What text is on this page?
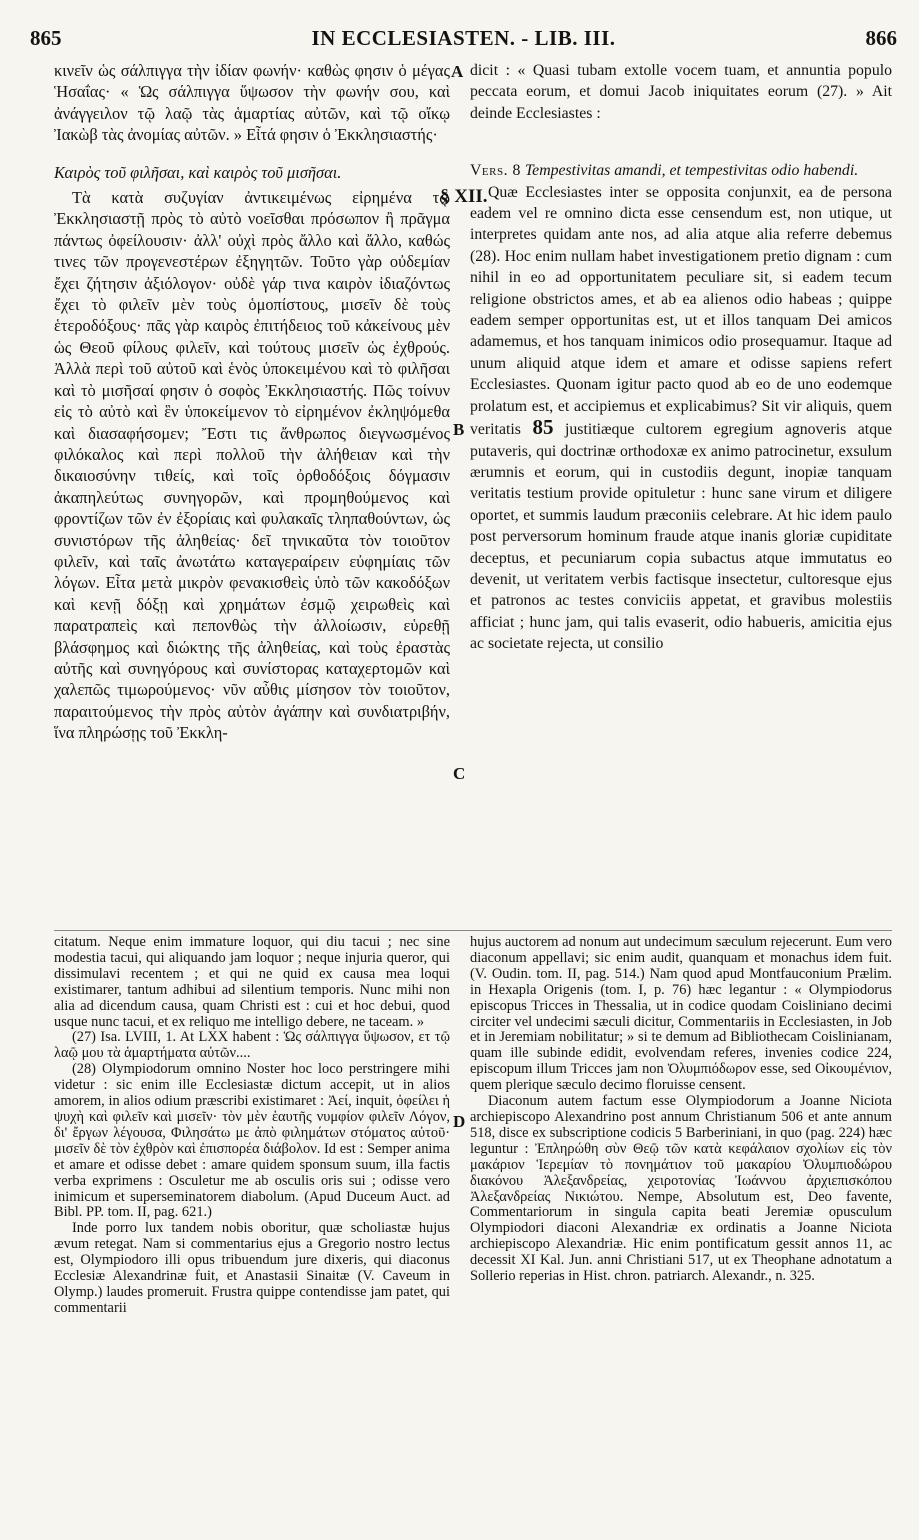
865	IN ECCLESIASTEN. - LIB. III.	866
A
B
C
D
§ XII.

κινεῖν ὡς σάλπιγγα τὴν ἰδίαν φωνήν· καθὼς φησιν ὁ μέγας Ἡσαΐας· « Ὡς σάλπιγγα ὕψωσον τὴν φωνήν σου, καὶ ἀνάγγειλον τῷ λαῷ τὰς ἁμαρτίας αὐτῶν, καὶ τῷ οἴκῳ Ἰακὼβ τὰς ἀνομίας αὐτῶν. » Εἶτά φησιν ὁ Ἐκκλησιαστής·

Καιρὸς τοῦ φιλῆσαι, καὶ καιρὸς τοῦ μισῆσαι.

Τὰ κατὰ συζυγίαν ἀντικειμένως εἰρημένα τῷ Ἐκκλησιαστῇ πρὸς τὸ αὐτὸ νοεῖσθαι πρόσωπον ἢ πρᾶγμα πάντως ὀφείλουσιν· ἀλλ' οὐχὶ πρὸς ἄλλο καὶ ἄλλο, καθώς τινες τῶν προγενεστέρων ἐξηγητῶν. Τοῦτο γὰρ οὐδεμίαν ἔχει ζήτησιν ἀξιόλογον· οὐδὲ γάρ τινα καιρὸν ἰδιαζόντως ἔχει τὸ φιλεῖν μὲν τοὺς ὁμοπίστους, μισεῖν δὲ τοὺς ἑτεροδόξους· πᾶς γὰρ καιρὸς ἐπιτήδειος τοῦ κἀκείνους μὲν ὡς Θεοῦ φίλους φιλεῖν, καὶ τούτους μισεῖν ὡς ἐχθρούς. Ἀλλὰ περὶ τοῦ αὐτοῦ καὶ ἑνὸς ὑποκειμένου καὶ τὸ φιλῆσαι καὶ τὸ μισῆσαί φησιν ὁ σοφὸς Ἐκκλησιαστής. Πῶς τοίνυν εἰς τὸ αὐτὸ καὶ ἓν ὑποκείμενον τὸ εἰρημένον ἐκληψόμεθα καὶ διασαφήσομεν; Ἔστι τις ἄνθρωπος διεγνωσμένος φιλόκαλος καὶ περὶ πολλοῦ τὴν ἀλήθειαν καὶ τὴν δικαιοσύνην τιθείς, καὶ τοῖς ὀρθοδόξοις δόγμασιν ἀκαπηλεύτως συνηγορῶν, καὶ προμηθούμενος καὶ φροντίζων τῶν ἐν ἐξορίαις καὶ φυλακαῖς τληπαθούντων, ὡς συνιστόρων τῆς ἀληθείας· δεῖ τηνικαῦτα τὸν τοιοῦτον φιλεῖν, καὶ ταῖς ἀνωτάτω καταγεραίρειν εὐφημίαις τῶν λόγων. Εἶτα μετὰ μικρὸν φενακισθεὶς ὑπὸ τῶν κακοδόξων καὶ κενῇ δόξῃ καὶ χρημάτων ἐσμῷ χειρωθεὶς καὶ παρατραπεὶς καὶ πεπονθὼς τὴν ἀλλοίωσιν, εὑρεθῇ βλάσφημος καὶ διώκτης τῆς ἀληθείας, καὶ τοὺς ἐραστὰς αὐτῆς καὶ συνηγόρους καὶ συνίστορας καταχερτομῶν καὶ χαλεπῶς τιμωρούμενος· νῦν αὖθις μίσησον τὸν τοιοῦτον, παραιτούμενος τὴν πρὸς αὐτὸν ἀγάπην καὶ συνδιατριβήν, ἵνα πληρώσῃς τοῦ Ἐκκλη-

dicit : « Quasi tubam extolle vocem tuam, et annuntia populo peccata eorum, et domui Jacob iniquitates eorum (27). » Ait deinde Ecclesiastes :

Vers. 8 Tempestivitas amandi, et tempestivitas odio habendi.

Quæ Ecclesiastes inter se opposita conjunxit, ea de persona eadem vel re omnino dicta esse censendum est, non utique, ut interpretes quidam ante nos, ad alia atque alia referre debemus (28). Hoc enim nullam habet investigationem pretio dignam : cum nihil in eo ad opportunitatem peculiare sit, si eadem tecum religione obstrictos ames, et ab ea alienos odio habeas ; quippe eadem semper opportunitas est, ut et illos tanquam Dei amicos adamemus, et hos tanquam inimicos odio prosequamur. Itaque ad unum aliquid atque idem et amare et odisse sapiens refert Ecclesiastes. Quonam igitur pacto quod ab eo de uno eodemque prolatum est, et accipiemus et explicabimus? Sit vir aliquis, quem veritatis 85 justitiæque cultorem egregium agnoveris atque putaveris, qui doctrinæ orthodoxæ ex animo patrocinetur, exsulum ærumnis et eorum, qui in custodiis degunt, inopiæ tanquam veritatis testium provide opituletur : hunc sane virum et diligere oportet, et summis laudum præconiis celebrare. At hic idem paulo post perversorum hominum fraude atque inanis gloriæ cupiditate deceptus, et pecuniarum copia subactus atque immutatus eo devenit, ut veritatem verbis factisque insectetur, cultoresque ejus et patronos ac testes conviciis appetat, et gravibus molestiis afficiat ; hunc jam, qui talis evaserit, odio habueris, amicitia ejus ac societate rejecta, ut consilio

citatum. Neque enim immature loquor, qui diu tacui ; nec sine modestia tacui, qui aliquando jam loquor ; neque injuria queror, qui dissimulavi recentem ; et qui ne quid ex causa mea loqui existimarer, tantum adhibui ad silentium temporis. Nunc mihi non alia ad dicendum causa, quam Christi est : cui et hoc debui, quod usque nunc tacui, et ex reliquo me intelligo debere, ne taceam. »

(27) Isa. LVIII, 1. At LXX habent : Ὡς σάλπιγγα ὕψωσον, ετ τῷ λαῷ μου τὰ ἁμαρτήματα αὐτῶν....

(28) Olympiodorum omnino Noster hoc loco perstringere mihi videtur : sic enim ille Ecclesiastæ dictum accepit, ut in alios amorem, in alios odium præscribi existimaret : Ἀεί, inquit, ὀφείλει ἡ ψυχὴ καὶ φιλεῖν καὶ μισεῖν· τὸν μὲν ἑαυτῆς νυμφίον φιλεῖν Λόγον, δι' ἔργων λέγουσα, Φιλησάτω με ἀπὸ φιλημάτων στόματος αὐτοῦ· μισεῖν δὲ τὸν ἐχθρὸν καὶ ἐπισπορέα διάβολον. Id est : Semper anima et amare et odisse debet : amare quidem sponsum suum, illa factis verba exprimens : Osculetur me ab osculis oris sui ; odisse vero inimicum et superseminatorem diabolum. (Apud Duceum Auct. ad Bibl. PP. tom. II, pag. 621.)

Inde porro lux tandem nobis oboritur, quæ scholiastæ hujus ævum retegat. Nam si commentarius ejus a Gregorio nostro lectus est, Olympiodoro illi opus tribuendum jure dixeris, qui diaconus Ecclesiæ Alexandrinæ fuit, et Anastasii Sinaitæ (V. Caveum in Olymp.) laudes promeruit. Frustra quippe contendisse jam patet, qui commentarii

hujus auctorem ad nonum aut undecimum sæculum rejecerunt. Eum vero diaconum appellavi; sic enim audit, quanquam et monachus idem fuit. (V. Oudin. tom. II, pag. 514.) Nam quod apud Montfauconium Prælim. in Hexapla Origenis (tom. I, p. 76) hæc legantur : « Olympiodorus episcopus Tricces in Thessalia, ut in codice quodam Coisliniano decimi circiter vel undecimi sæculi dicitur, Commentariis in Ecclesiasten, in Job et in Jeremiam nobilitatur; » si te demum ad Bibliothecam Coislinianam, quam ille subinde edidit, evolvendam referes, invenies codice 224, episcopum illum Tricces jam non Ὀλυμπιόδωρον esse, sed Οἰκουμένιον, quem plerique sæculo decimo floruisse censent.

Diaconum autem factum esse Olympiodorum a Joanne Niciota archiepiscopo Alexandrino post annum Christianum 506 et ante annum 518, disce ex subscriptione codicis 5 Barberiniani, in quo (pag. 224) hæc leguntur : Ἐπληρώθη σὺν Θεῷ τῶν κατὰ κεφάλαιον σχολίων εἰς τὸν μακάριον Ἱερεμίαν τὸ πονημάτιον τοῦ μακαρίου Ὀλυμπιοδώρου διακόνου Ἀλεξανδρείας, χειροτονίας Ἰωάννου ἀρχιεπισκόπου Ἀλεξανδρείας Νικιώτου. Nempe, Absolutum est, Deo favente, Commentariorum in singula capita beati Jeremiæ opusculum Olympiodori diaconi Alexandriæ ex ordinatis a Joanne Niciota archiepiscopo Alexandriæ. Hic enim pontificatum gessit annos 11, ac decessit XI Kal. Jun. anni Christiani 517, ut ex Theophane adnotatum a Sollerio reperias in Hist. chron. patriarch. Alexandr., n. 325.
